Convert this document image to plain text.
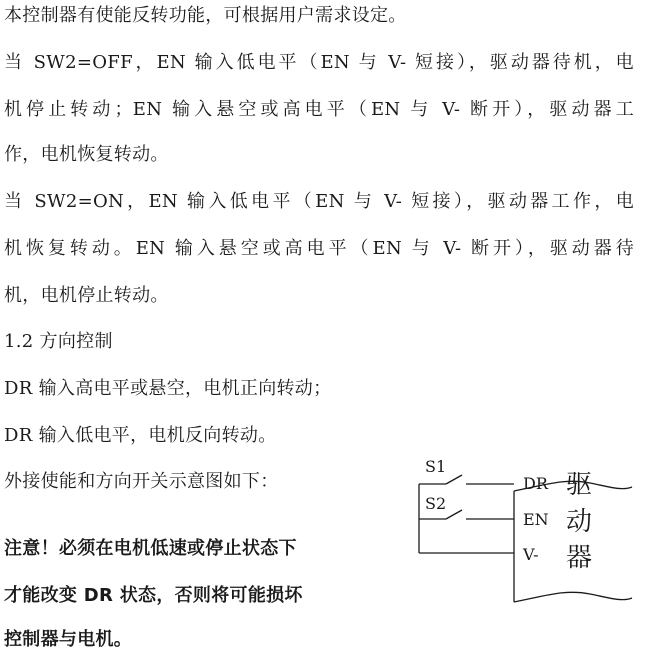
本控制器有使能反转功能，可根据用户需求设定。
当 SW2=OFF，EN 输入低电平（EN 与 V- 短接），驱动器待机，电
机停止转动；EN 输入悬空或高电平（EN 与 V- 断开），驱动器工
作，电机恢复转动。
当 SW2=ON，EN 输入低电平（EN 与 V- 短接），驱动器工作，电
机恢复转动。EN 输入悬空或高电平（EN 与 V- 断开），驱动器待
机，电机停止转动。
1.2 方向控制
DR 输入高电平或悬空，电机正向转动；
DR 输入低电平，电机反向转动。
外接使能和方向开关示意图如下：
注意！必须在电机低速或停止状态下
才能改变 DR 状态，否则将可能损坏
控制器与电机。
S1
S2
DR
EN
V-
驱
动
器
